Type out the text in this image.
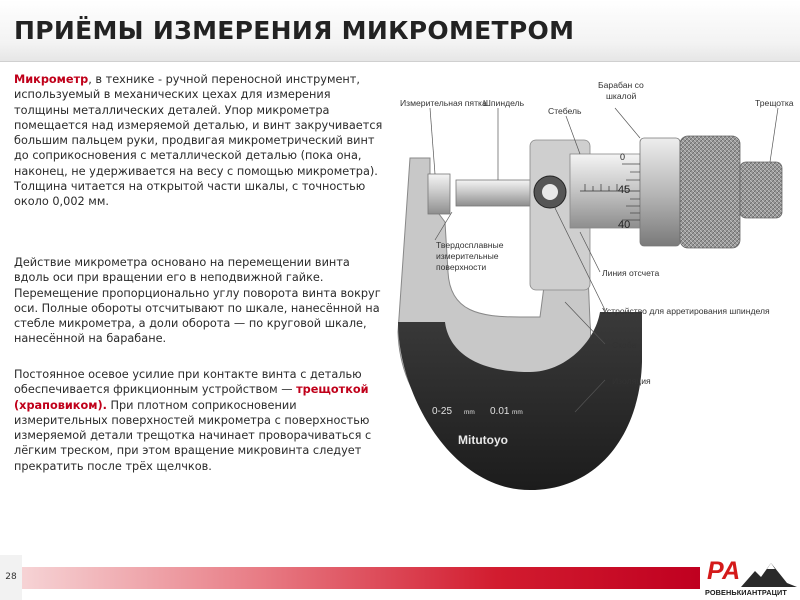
ПРИЁМЫ ИЗМЕРЕНИЯ МИКРОМЕТРОМ
Микрометр, в технике - ручной переносной инструмент, используемый в механических цехах для измерения толщины металлических деталей. Упор микрометра помещается над измеряемой деталью, и винт закручивается большим пальцем руки, продвигая микрометрический винт до соприкосновения с металлической деталью (пока она, наконец, не удерживается на весу с помощью микрометра). Толщина читается на открытой части шкалы, с точностью около 0,002 мм.
Действие микрометра основано на перемещении винта вдоль оси при вращении его в неподвижной гайке. Перемещение пропорционально углу поворота винта вокруг оси. Полные обороты отсчитывают по шкале, нанесённой на стебле микрометра, а доли оборота — по круговой шкале, нанесённой на барабане.
Постоянное осевое усилие при контакте винта с деталью обеспечивается фрикционным устройством — трещоткой (храповиком). При плотном соприкосновении измерительных поверхностей микрометра с поверхностью измеряемой детали трещотка начинает проворачиваться с лёгким треском, при этом вращение микровинта следует прекратить после трёх щелчков.
0
45
40
0-25 mm 0.01 mm
Mitutoyo
Измерительная пятка
Шпиндель
Стебель
Барабан со
шкалой
Трещотка
Твердосплавные
измерительные
поверхности
Линия отсчета
Устройство для арретирования шпинделя
Скоба
Изоляция
28	РА
РОВЕНЬКИАНТРАЦИТ
